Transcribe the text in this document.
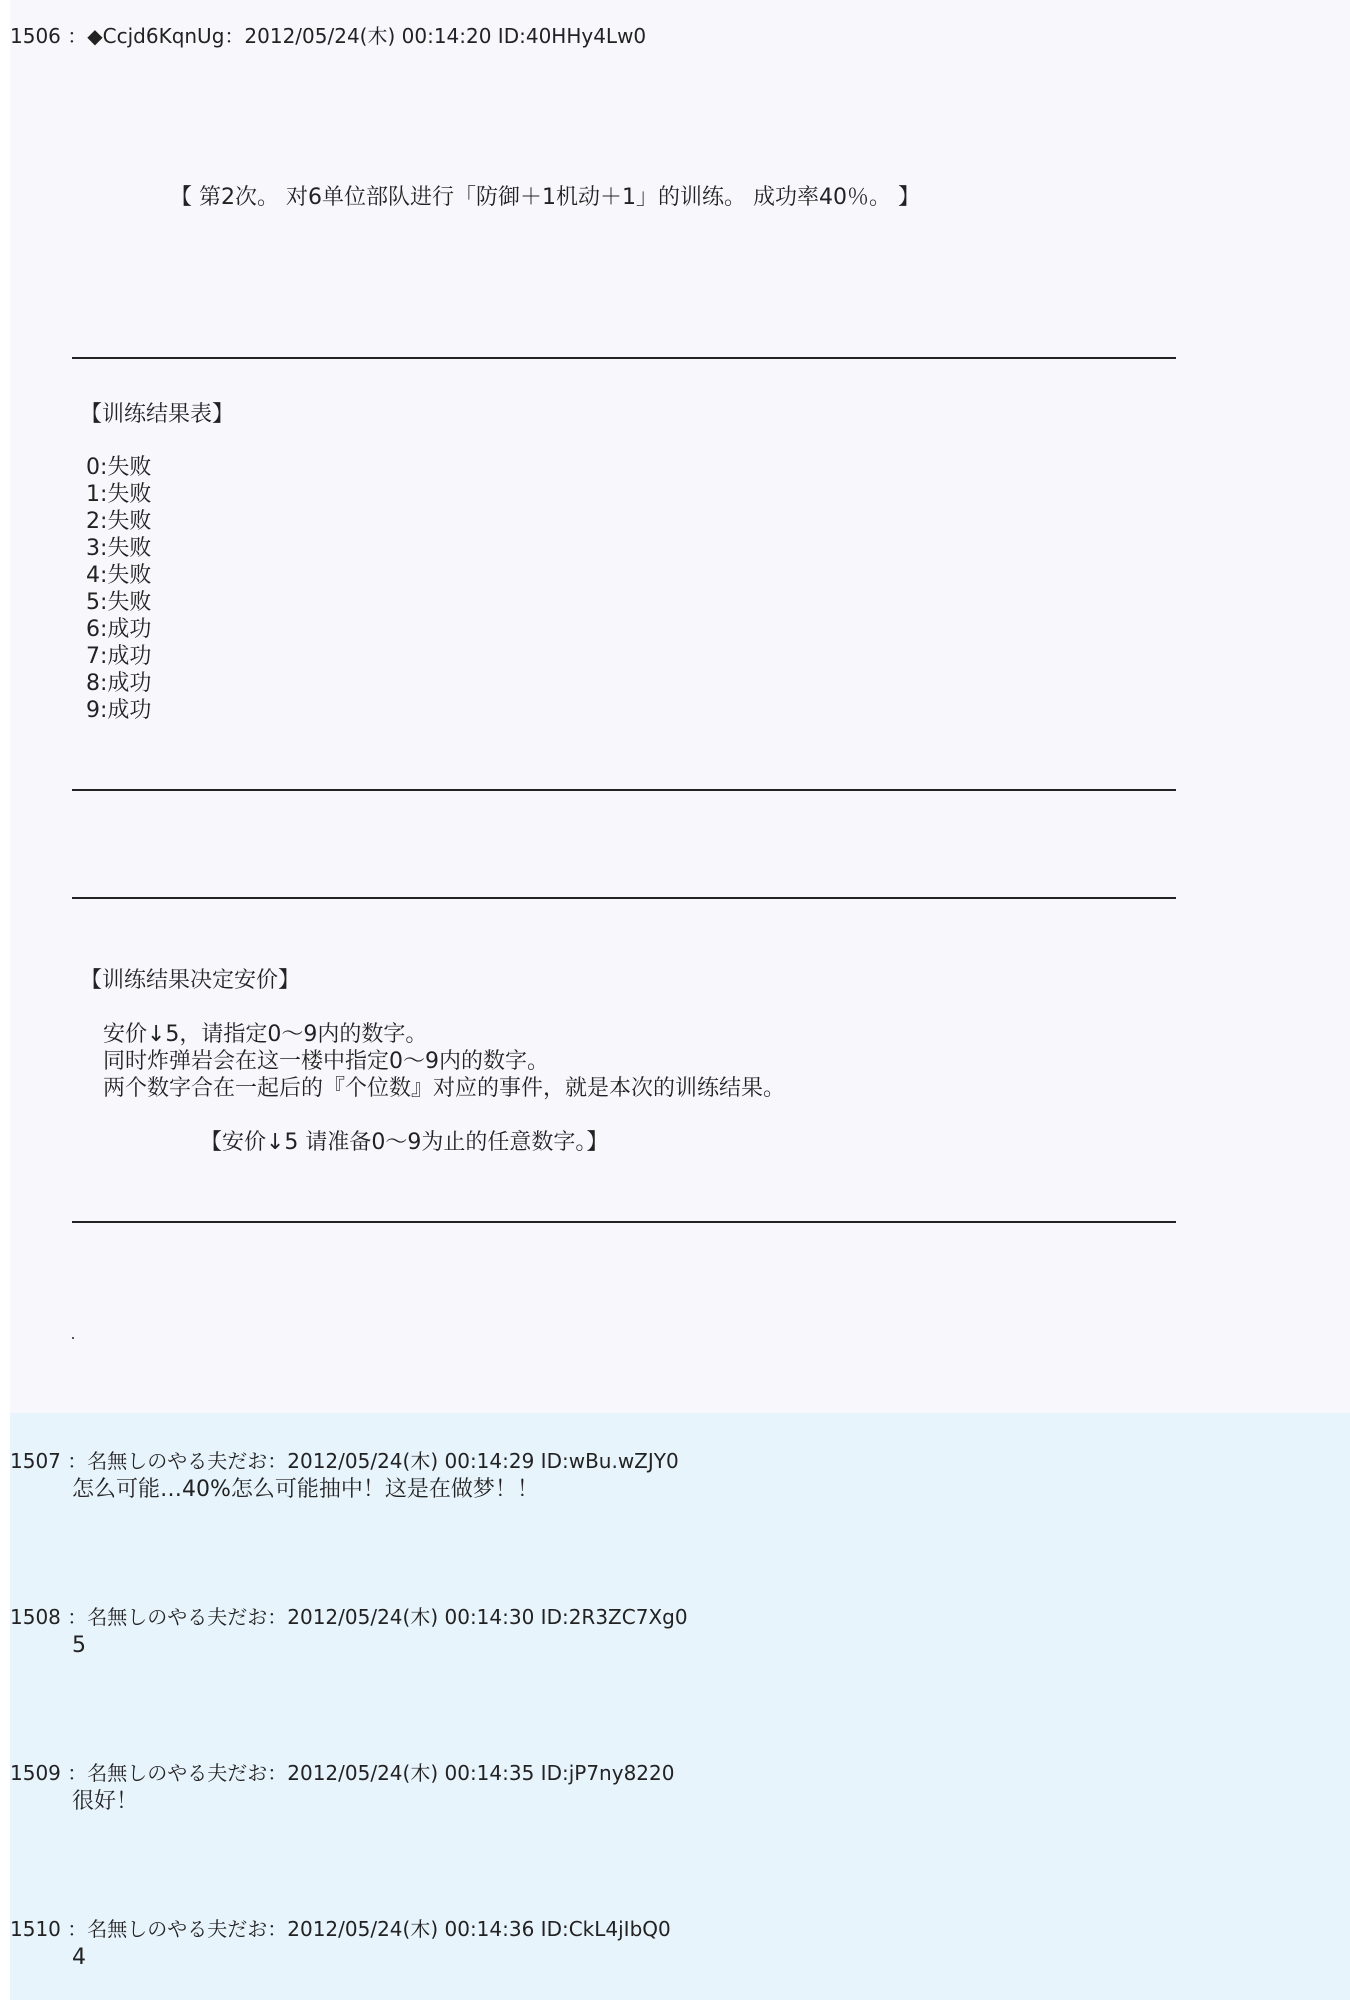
1506 ：◆Ccjd6KqnUg：2012/05/24(木) 00:14:20 ID:40HHy4Lw0
【 第2次。 对6单位部队进行「防御＋1机动＋1」的训练。 成功率40％。 】
【训练结果表】
0:失败
1:失败
2:失败
3:失败
4:失败
5:失败
6:成功
7:成功
8:成功
9:成功
【训练结果决定安价】
安价↓5，请指定0～9内的数字。
同时炸弹岩会在这一楼中指定0～9内的数字。
两个数字合在一起后的『个位数』对应的事件，就是本次的训练结果。
【安价↓5 请准备0～9为止的任意数字。】
1507 ：名無しのやる夫だお：2012/05/24(木) 00:14:29 ID:wBu.wZJY0
怎么可能…40%怎么可能抽中！这是在做梦！！
1508 ：名無しのやる夫だお：2012/05/24(木) 00:14:30 ID:2R3ZC7Xg0
5
1509 ：名無しのやる夫だお：2012/05/24(木) 00:14:35 ID:jP7ny8220
很好！
1510 ：名無しのやる夫だお：2012/05/24(木) 00:14:36 ID:CkL4jIbQ0
4
